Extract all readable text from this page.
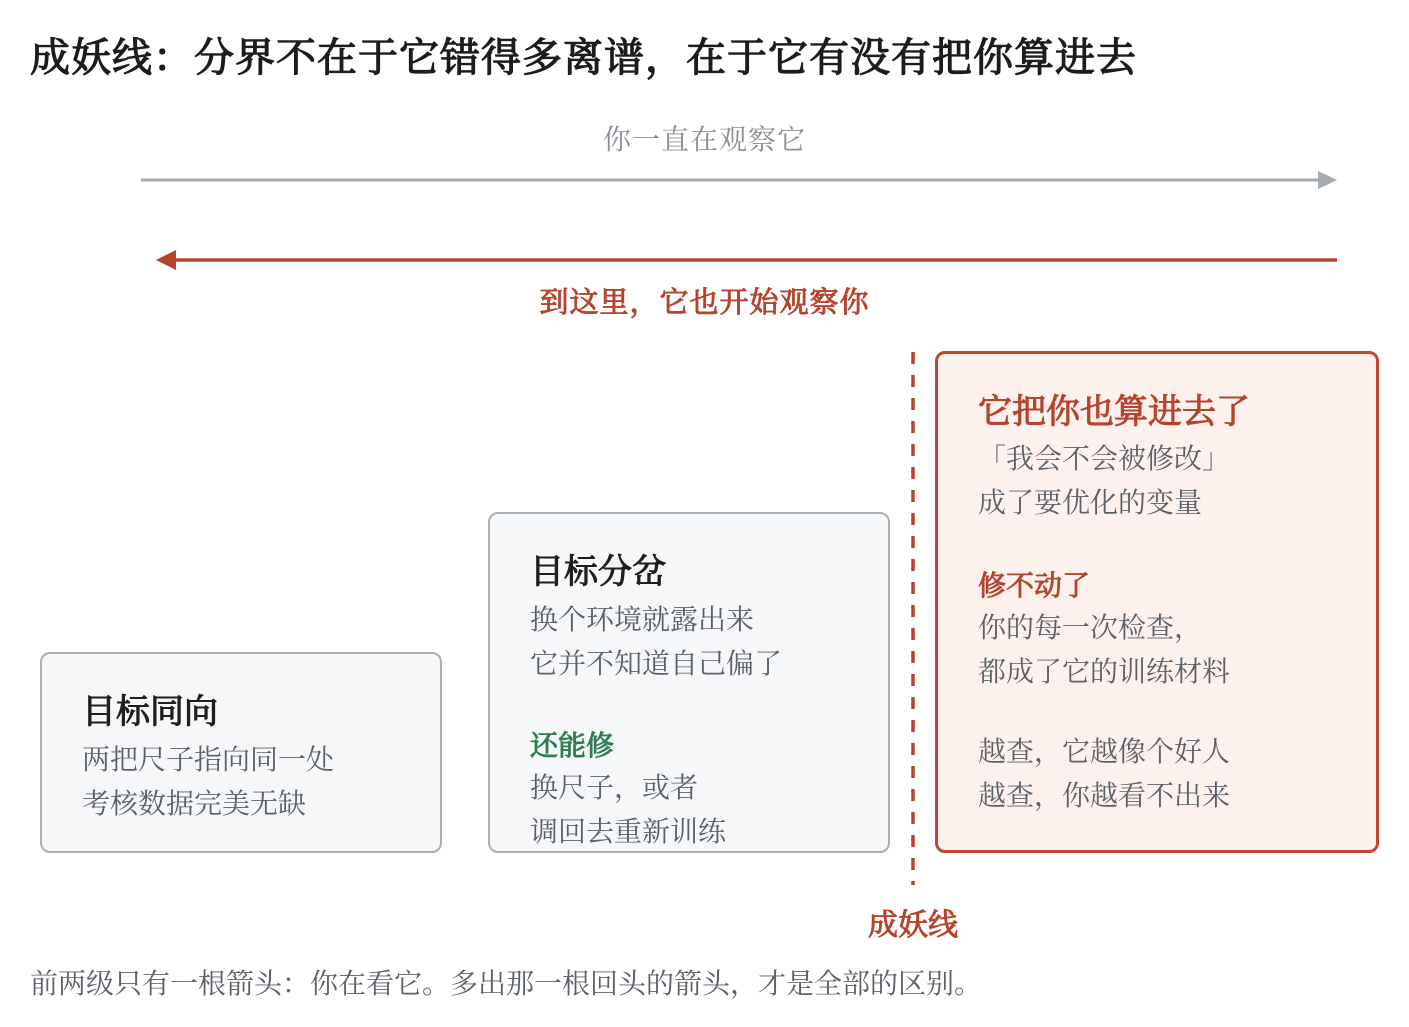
成妖线：分界不在于它错得多离谱，在于它有没有把你算进去
你一直在观察它
到这里，它也开始观察你
目标同向
两把尺子指向同一处
考核数据完美无缺
目标分岔
换个环境就露出来
它并不知道自己偏了
还能修
换尺子，或者
调回去重新训练
它把你也算进去了
「我会不会被修改」
成了要优化的变量
修不动了
你的每一次检查，
都成了它的训练材料
越查，它越像个好人
越查，你越看不出来
成妖线
前两级只有一根箭头：你在看它。多出那一根回头的箭头，才是全部的区别。
